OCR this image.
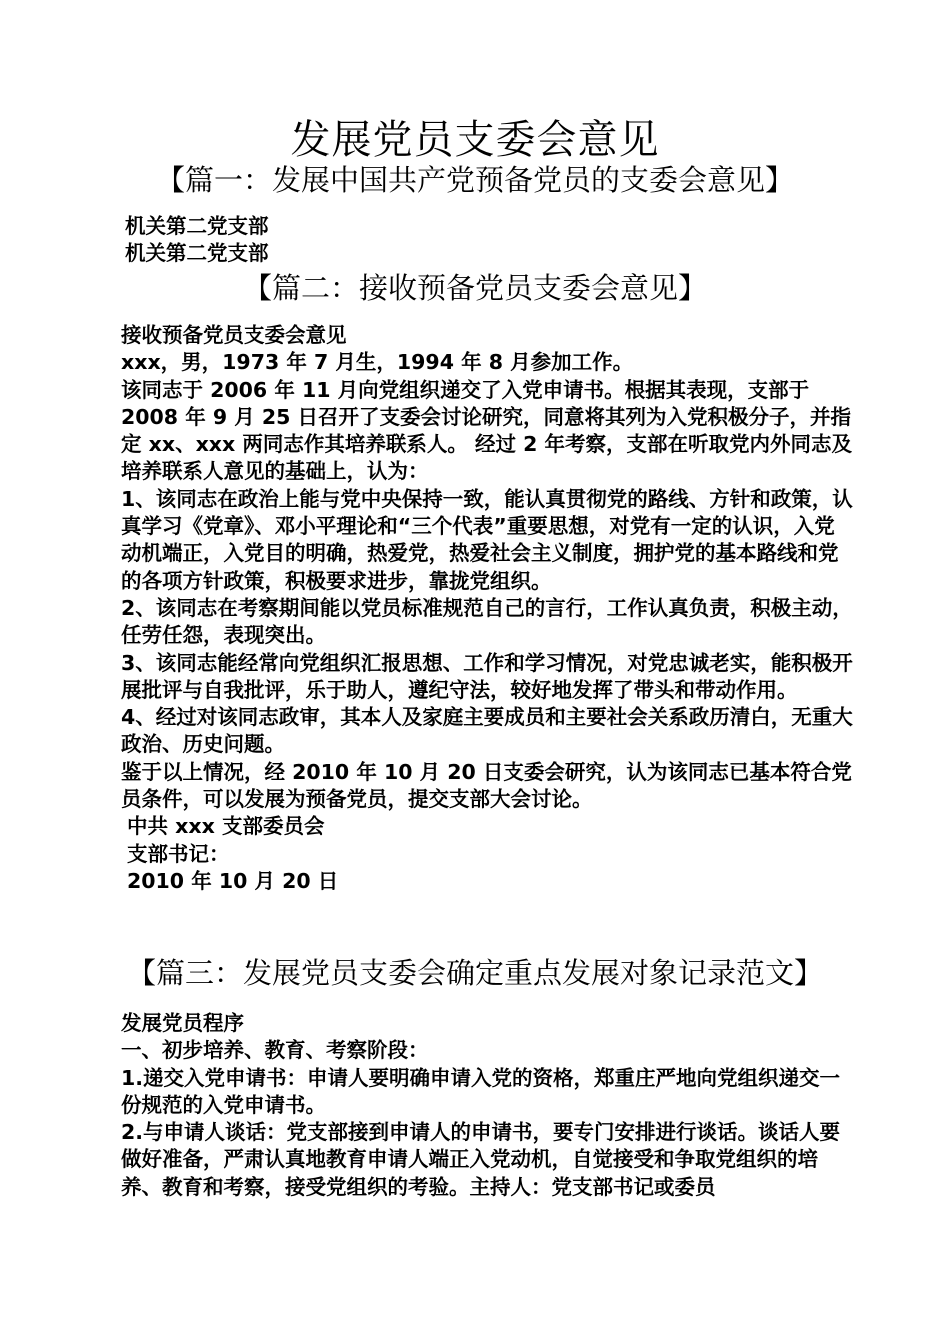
发展党员支委会意见
【篇一：发展中国共产党预备党员的支委会意见】

机关第二党支部

机关第二党支部

【篇二：接收预备党员支委会意见】

接收预备党员支委会意见

xxx，男，1973 年 7 月生，1994 年 8 月参加工作。

该同志于 2006 年 11 月向党组织递交了入党申请书。根据其表现，支部于 2008 年 9 月 25 日召开了支委会讨论研究，同意将其列为入党积极分子，并指定 xx、xxx 两同志作其培养联系人。 经过 2 年考察，支部在听取党内外同志及培养联系人意见的基础上，认为：

1、该同志在政治上能与党中央保持一致，能认真贯彻党的路线、方针和政策，认真学习《党章》、邓小平理论和“三个代表”重要思想，对党有一定的认识，入党动机端正，入党目的明确，热爱党，热爱社会主义制度，拥护党的基本路线和党的各项方针政策，积极要求进步，靠拢党组织。

2、该同志在考察期间能以党员标准规范自己的言行，工作认真负责，积极主动，任劳任怨，表现突出。

3、该同志能经常向党组织汇报思想、工作和学习情况，对党忠诚老实，能积极开展批评与自我批评，乐于助人，遵纪守法，较好地发挥了带头和带动作用。

4、经过对该同志政审，其本人及家庭主要成员和主要社会关系政历清白，无重大政治、历史问题。

鉴于以上情况，经 2010 年 10 月 20 日支委会研究，认为该同志已基本符合党员条件，可以发展为预备党员，提交支部大会讨论。

中共 xxx 支部委员会

支部书记：

2010 年 10 月 20 日

【篇三：发展党员支委会确定重点发展对象记录范文】

发展党员程序

一、初步培养、教育、考察阶段：

1.递交入党申请书：申请人要明确申请入党的资格，郑重庄严地向党组织递交一份规范的入党申请书。

2.与申请人谈话：党支部接到申请人的申请书，要专门安排进行谈话。谈话人要做好准备，严肃认真地教育申请人端正入党动机，自觉接受和争取党组织的培养、教育和考察，接受党组织的考验。主持人：党支部书记或委员
